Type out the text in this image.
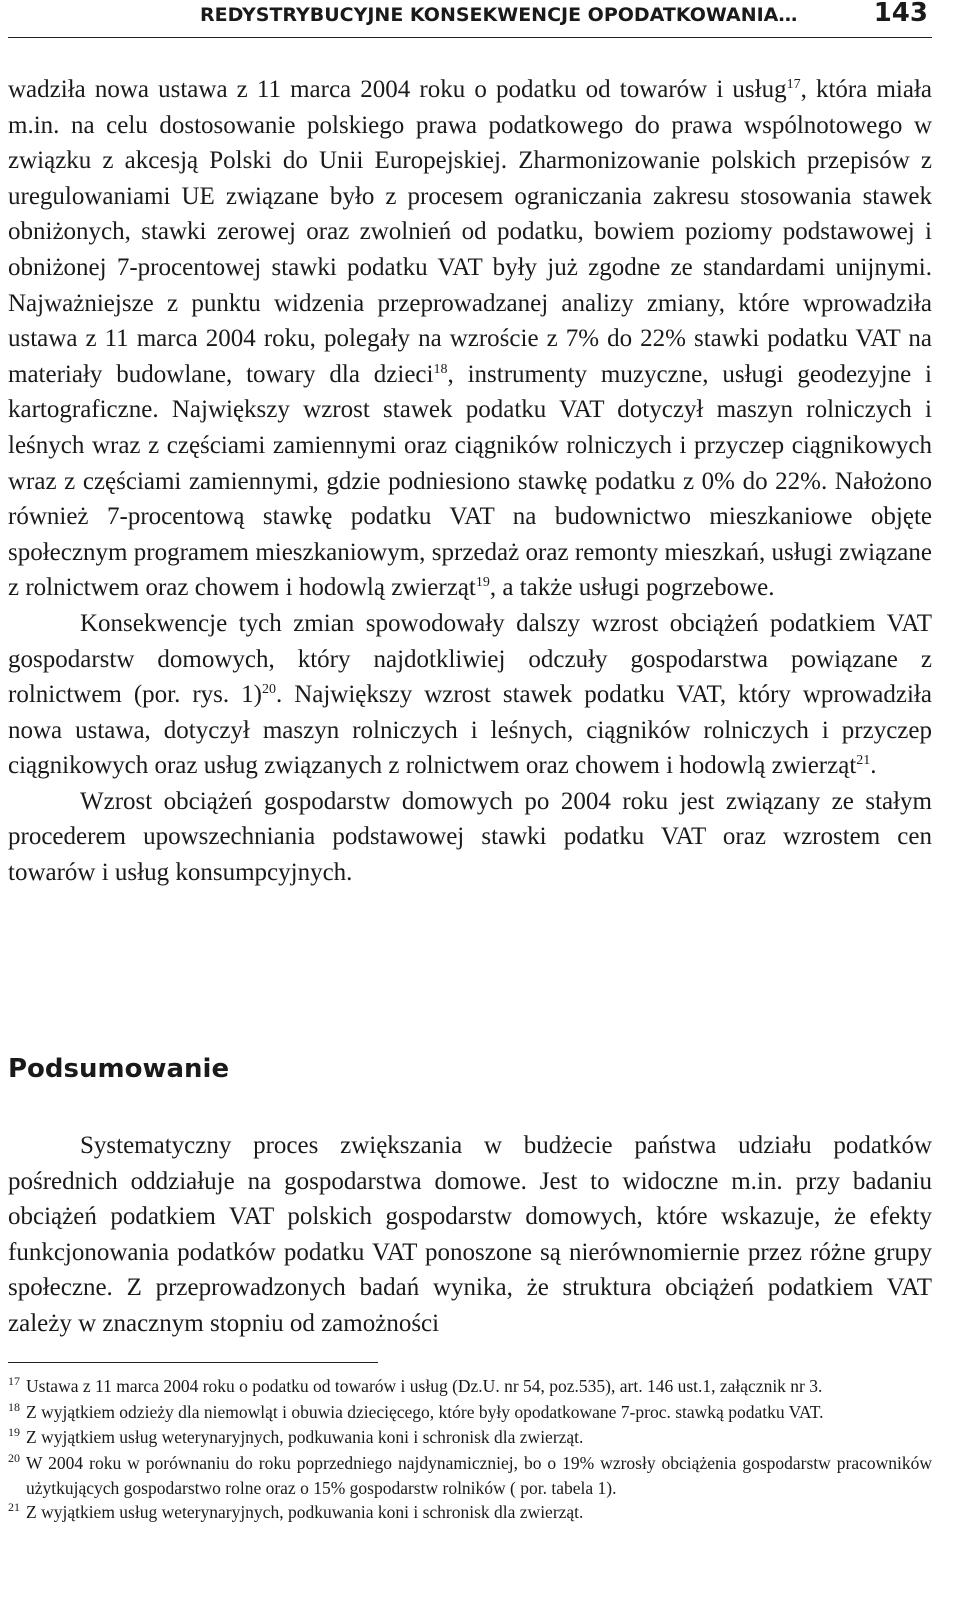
REDYSTRYBUCYJNE KONSEKWENCJE OPODATKOWANIA…	143

wadziła nowa ustawa z 11 marca 2004 roku o podatku od towarów i usług$^{17}$, która miała m.in. na celu dostosowanie polskiego prawa podatkowego do prawa wspólnotowego w związku z akcesją Polski do Unii Europejskiej. Zharmonizowanie polskich przepisów z uregulowaniami UE związane było z procesem ograniczania zakresu stosowania stawek obniżonych, stawki zerowej oraz zwolnień od podatku, bowiem poziomy podstawowej i obniżonej 7-procentowej stawki podatku VAT były już zgodne ze standardami unijnymi. Najważniejsze z punktu widzenia przeprowadzanej analizy zmiany, które wprowadziła ustawa z 11 marca 2004 roku, polegały na wzroście z 7% do 22% stawki podatku VAT na materiały budowlane, towary dla dzieci$^{18}$, instrumenty muzyczne, usługi geodezyjne i kartograficzne. Największy wzrost stawek podatku VAT dotyczył maszyn rolniczych i leśnych wraz z częściami zamiennymi oraz ciągników rolniczych i przyczep ciągnikowych wraz z częściami zamiennymi, gdzie podniesiono stawkę podatku z 0% do 22%. Nałożono również 7-procentową stawkę podatku VAT na budownictwo mieszkaniowe objęte społecznym programem mieszkaniowym, sprzedaż oraz remonty mieszkań, usługi związane z rolnictwem oraz chowem i hodowlą zwierząt$^{19}$, a także usługi pogrzebowe.

Konsekwencje tych zmian spowodowały dalszy wzrost obciążeń podatkiem VAT gospodarstw domowych, który najdotkliwiej odczuły gospodarstwa powiązane z rolnictwem (por. rys. 1)$^{20}$. Największy wzrost stawek podatku VAT, który wprowadziła nowa ustawa, dotyczył maszyn rolniczych i leśnych, ciągników rolniczych i przyczep ciągnikowych oraz usług związanych z rolnictwem oraz chowem i hodowlą zwierząt$^{21}$.

Wzrost obciążeń gospodarstw domowych po 2004 roku jest związany ze stałym procederem upowszechniania podstawowej stawki podatku VAT oraz wzrostem cen towarów i usług konsumpcyjnych.

Podsumowanie

Systematyczny proces zwiększania w budżecie państwa udziału podatków pośrednich oddziałuje na gospodarstwa domowe. Jest to widoczne m.in. przy badaniu obciążeń podatkiem VAT polskich gospodarstw domowych, które wskazuje, że efekty funkcjonowania podatków podatku VAT ponoszone są nierównomiernie przez różne grupy społeczne. Z przeprowadzonych badań wynika, że struktura obciążeń podatkiem VAT zależy w znacznym stopniu od zamożności

17 Ustawa z 11 marca 2004 roku o podatku od towarów i usług (Dz.U. nr 54, poz.535), art. 146 ust.1, załącznik nr 3.
18 Z wyjątkiem odzieży dla niemowląt i obuwia dziecięcego, które były opodatkowane 7-proc. stawką podatku VAT.
19 Z wyjątkiem usług weterynaryjnych, podkuwania koni i schronisk dla zwierząt.
20 W 2004 roku w porównaniu do roku poprzedniego najdynamiczniej, bo o 19% wzrosły obciążenia gospodarstw pracowników użytkujących gospodarstwo rolne oraz o 15% gospodarstw rolników ( por. tabela 1).
21 Z wyjątkiem usług weterynaryjnych, podkuwania koni i schronisk dla zwierząt.
